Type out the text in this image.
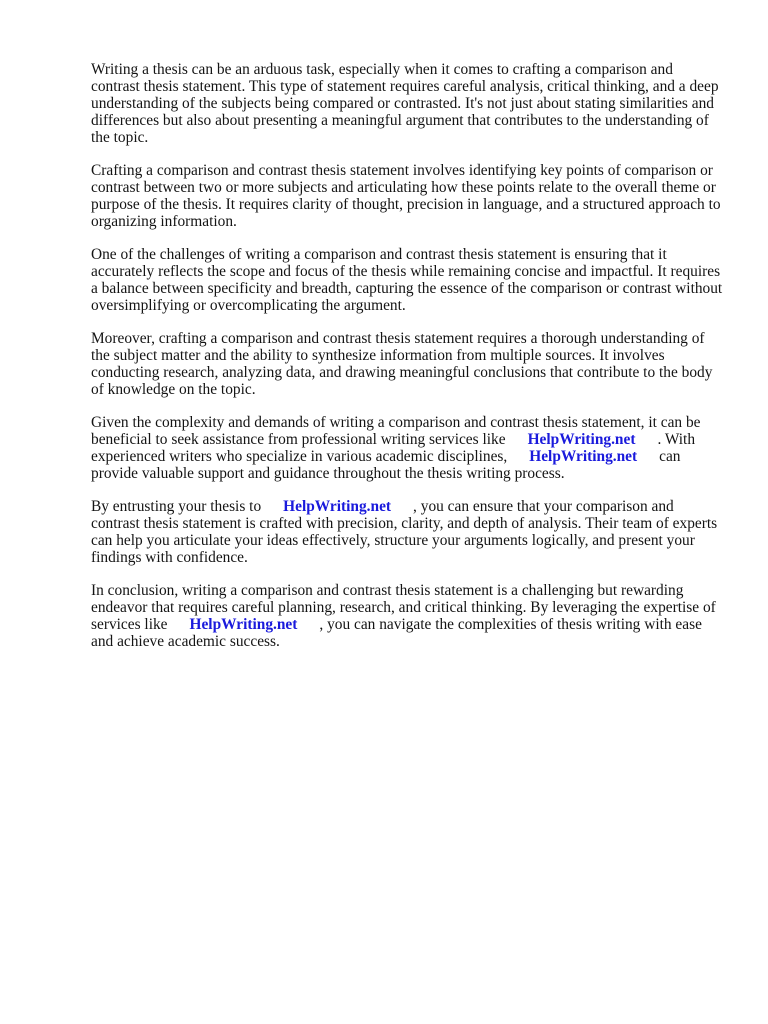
Writing a thesis can be an arduous task, especially when it comes to crafting a comparison and contrast thesis statement. This type of statement requires careful analysis, critical thinking, and a deep understanding of the subjects being compared or contrasted. It's not just about stating similarities and differences but also about presenting a meaningful argument that contributes to the understanding of the topic.

Crafting a comparison and contrast thesis statement involves identifying key points of comparison or contrast between two or more subjects and articulating how these points relate to the overall theme or purpose of the thesis. It requires clarity of thought, precision in language, and a structured approach to organizing information.

One of the challenges of writing a comparison and contrast thesis statement is ensuring that it accurately reflects the scope and focus of the thesis while remaining concise and impactful. It requires a balance between specificity and breadth, capturing the essence of the comparison or contrast without oversimplifying or overcomplicating the argument.

Moreover, crafting a comparison and contrast thesis statement requires a thorough understanding of the subject matter and the ability to synthesize information from multiple sources. It involves conducting research, analyzing data, and drawing meaningful conclusions that contribute to the body of knowledge on the topic.

Given the complexity and demands of writing a comparison and contrast thesis statement, it can be beneficial to seek assistance from professional writing services like HelpWriting.net . With experienced writers who specialize in various academic disciplines, HelpWriting.net can provide valuable support and guidance throughout the thesis writing process.

By entrusting your thesis to HelpWriting.net , you can ensure that your comparison and contrast thesis statement is crafted with precision, clarity, and depth of analysis. Their team of experts can help you articulate your ideas effectively, structure your arguments logically, and present your findings with confidence.

In conclusion, writing a comparison and contrast thesis statement is a challenging but rewarding endeavor that requires careful planning, research, and critical thinking. By leveraging the expertise of services like HelpWriting.net , you can navigate the complexities of thesis writing with ease and achieve academic success.
